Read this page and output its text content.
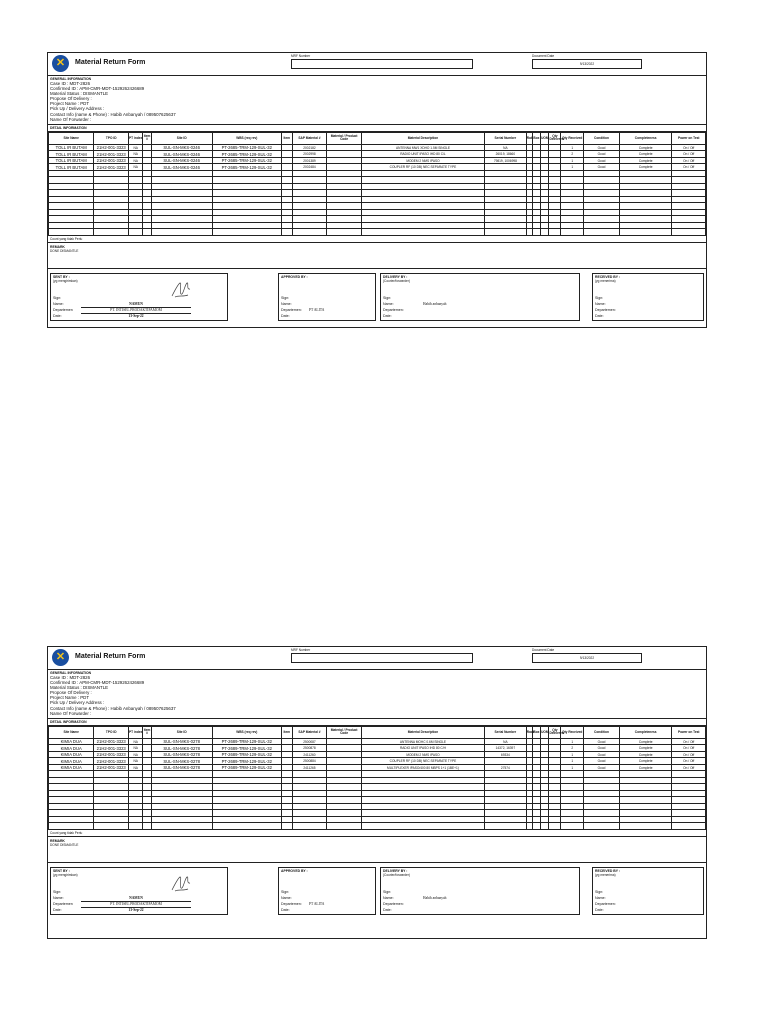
✕	Material Return Form
MRF Number	Document Date
9/13/2022
GENERAL INFORMATION
Case ID : MDT-2826
Confirmed ID : APM-CMR-MDT-1529262426689
Material Status : DISMANTLE
Propose Of Delivery :
Project Name : PDT
Pick Up / Delivery Address :
Contact Info (name & Phone) : Habib Anbanyah / 089507625637
Name Of Forwarder :
DETAIL INFORMATION
Site Name	TPO ID	PT index	Item #	Site ID	WBS (req rev)	Item	SAP Material #	Material / Product Code	Material Description	Serial Number	Rak	Box	UOM	Qty Delivered	Qty Received	Condition	Completeness	Power on Test
TOLL IR BUTAM	21H2-001-3323	NA		SUL-SN-MKS-0246	PT-2685-TRM-129-SUL-32		2002182		ANTENNA MW1 XDHO 1.5M SINGLE	NA					1	Good	Complete	On / Off
TOLL IR BUTAM	21H2-001-3323	NA		SUL-SN-MKS-0246	PT-2685-TRM-129-SUL-32		2002998		RADIO UNIT IPASO IHD 80 C/L	26019, 18660					2	Good	Complete	On / Off
TOLL IR BUTAM	21H2-001-3323	NA		SUL-SN-MKS-0246	PT-2685-TRM-129-SUL-32		2001389		MODEM 2 NMS IPASO	79819, 1006998					1	Good	Complete	On / Off
TOLL IR BUTAM	21H2-001-3323	NA		SUL-SN-MKS-0246	PT-2685-TRM-129-SUL-32		2002484		COUPLER RF (10 DB) NEC SEPARATE TYPE						1	Good	Complete	On / Off

Count yang tidak Perlu
REMARK
DONE DISMANTLE
SENT BY :
(yg mengirimkan)
Sign:
Name:	NAMUN
Departemen	PT. INTISEL PRODAKTIFAMOM
Date:	13-Sep-22
APPROVED BY :
Sign:
Name:
Departemen: PT ALITA
Date:
DELIVERY BY :
(Courier/forwarder)
Sign:
Name:	Habib anbanyah
Departemen:
Date:
RECEIVED BY :
(yg menerima)
Sign:
Name:
Departemen:
Date:
✕	Material Return Form
MRF Number	Document Date
9/13/2022
GENERAL INFORMATION
Case ID : MDT-2826
Confirmed ID : APM-CMR-MDT-1529262426689
Material Status : DISMANTLE
Propose Of Delivery :
Project Name : PDT
Pick Up / Delivery Address :
Contact Info (name & Phone) : Habib Anbanyah / 089507625637
Name Of Forwarder :
DETAIL INFORMATION
Site Name	TPO ID	PT index	Item #	Site ID	WBS (req rev)	Item	SAP Material #	Material / Product Code	Material Description	Serial Number	Rack	Box	UOM	Qty Delivered	Qty Received	Condition	Completeness	Power on Test
KIMIA DUA	21H2-001-3323	NA		SUL-SN-MKS-0278	PT-2689-TRM-129-SUL-32		2500087		ANTENNA MOHC 0.6M SINGLE	NA					1	Good	Complete	On / Off
KIMIA DUA	21H2-001-3323	NA		SUL-SN-MKS-0278	PT-2689-TRM-129-SUL-32		2500878		RADIO UNIT IPASO IHD 80 C/H	14372, 16397					2	Good	Complete	On / Off
KIMIA DUA	21H2-001-3323	NA		SUL-SN-MKS-0278	PT-2689-TRM-129-SUL-32		2411260		MODEM 2 NMS IPASO	69334					1	Good	Complete	On / Off
KIMIA DUA	21H2-001-3323	NA		SUL-SN-MKS-0278	PT-2689-TRM-129-SUL-32		2500884		COUPLER RF (10 DB) NEC SEPARATE TYPE						1	Good	Complete	On / Off
KIMIA DUA	21H2-001-3323	NA		SUL-SN-MKS-0278	PT-2689-TRM-129-SUL-32		2411265		MULTIPLEXER IPASO/400 80 MBPS 1+1 (1BE+1)	27574					1	Good	Complete	On / Off

Count yang tidak Perlu
REMARK
DONE DISMANTLE
SENT BY :
(yg mengirimkan)
Sign:
Name:	NAMUN
Departemen	PT. INTISEL PRODAKTIFAMOM
Date:	13-Sep-22
APPROVED BY :
Sign:
Name:
Departemen: PT ALITA
Date:
DELIVERY BY :
(Courier/forwarder)
Sign:
Name:	Habib anbanyah
Departemen:
Date:
RECEIVED BY :
(yg menerima)
Sign:
Name:
Departemen:
Date:
